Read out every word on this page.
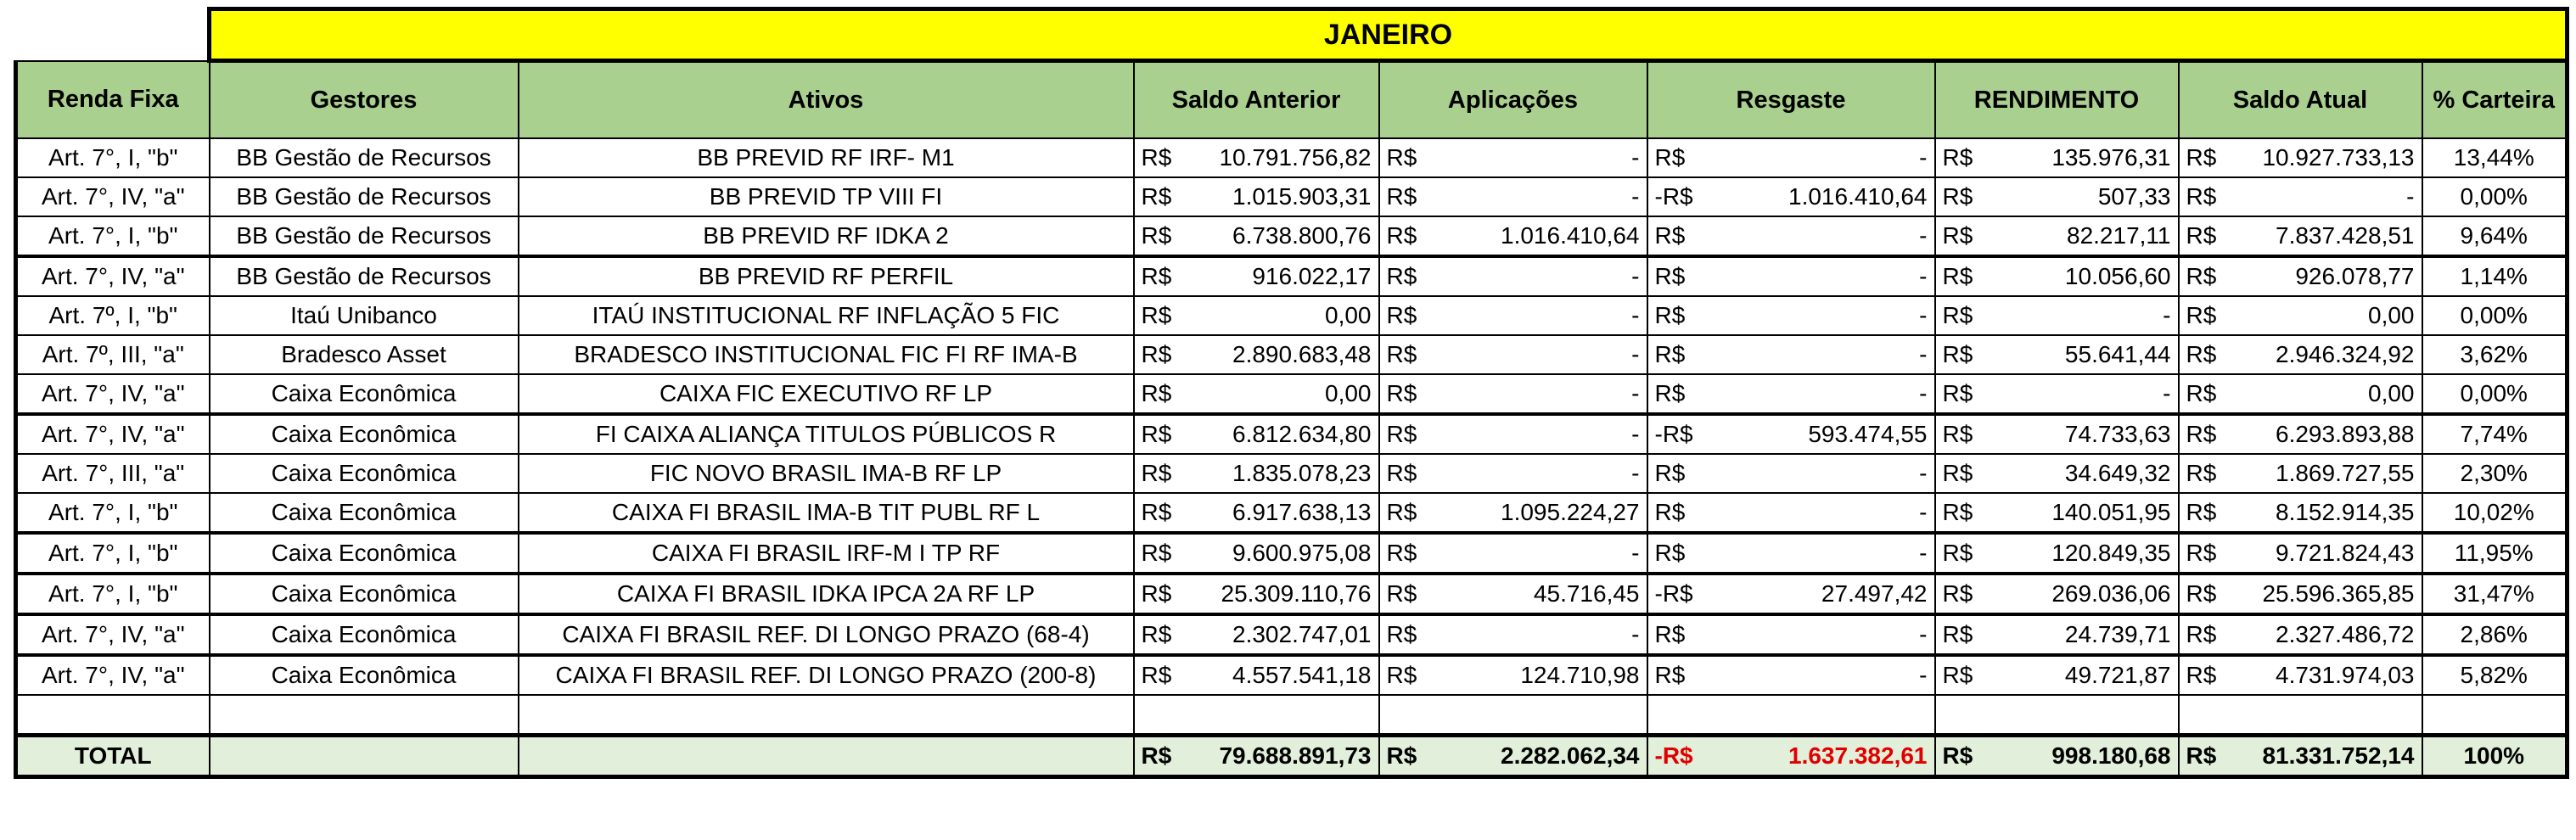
	JANEIRO							
Renda Fixa	Gestores	Ativos	Saldo Anterior	Aplicações	Resgaste	RENDIMENTO	Saldo Atual	% Carteira
Art. 7°, I, "b"	BB Gestão de Recursos	BB PREVID RF IRF- M1	R$ 10.791.756,82	R$ -	R$ -	R$ 135.976,31	R$ 10.927.733,13	13,44%
Art. 7°, IV, "a"	BB Gestão de Recursos	BB PREVID TP VIII FI	R$ 1.015.903,31	R$ -	-R$ 1.016.410,64	R$ 507,33	R$ -	0,00%
Art. 7°, I, "b"	BB Gestão de Recursos	BB PREVID RF IDKA 2	R$ 6.738.800,76	R$ 1.016.410,64	R$ -	R$ 82.217,11	R$ 7.837.428,51	9,64%
Art. 7°, IV, "a"	BB Gestão de Recursos	BB PREVID RF PERFIL	R$ 916.022,17	R$ -	R$ -	R$ 10.056,60	R$ 926.078,77	1,14%
Art. 7º, I, "b"	Itaú Unibanco	ITAÚ INSTITUCIONAL RF INFLAÇÃO 5 FIC	R$ 0,00	R$ -	R$ -	R$ -	R$ 0,00	0,00%
Art. 7º, III, "a"	Bradesco Asset	BRADESCO INSTITUCIONAL FIC FI RF IMA-B	R$ 2.890.683,48	R$ -	R$ -	R$ 55.641,44	R$ 2.946.324,92	3,62%
Art. 7°, IV, "a"	Caixa Econômica	CAIXA FIC EXECUTIVO RF LP	R$ 0,00	R$ -	R$ -	R$ -	R$ 0,00	0,00%
Art. 7°, IV, "a"	Caixa Econômica	FI CAIXA ALIANÇA TITULOS PÚBLICOS R	R$ 6.812.634,80	R$ -	-R$ 593.474,55	R$ 74.733,63	R$ 6.293.893,88	7,74%
Art. 7°, III, "a"	Caixa Econômica	FIC NOVO BRASIL IMA-B RF LP	R$ 1.835.078,23	R$ -	R$ -	R$ 34.649,32	R$ 1.869.727,55	2,30%
Art. 7°, I, "b"	Caixa Econômica	CAIXA FI BRASIL IMA-B TIT PUBL RF L	R$ 6.917.638,13	R$ 1.095.224,27	R$ -	R$ 140.051,95	R$ 8.152.914,35	10,02%
Art. 7°, I, "b"	Caixa Econômica	CAIXA FI BRASIL IRF-M I TP RF	R$ 9.600.975,08	R$ -	R$ -	R$ 120.849,35	R$ 9.721.824,43	11,95%
Art. 7°, I, "b"	Caixa Econômica	CAIXA FI BRASIL IDKA IPCA 2A RF LP	R$ 25.309.110,76	R$ 45.716,45	-R$ 27.497,42	R$ 269.036,06	R$ 25.596.365,85	31,47%
Art. 7°, IV, "a"	Caixa Econômica	CAIXA FI BRASIL REF. DI LONGO PRAZO (68-4)	R$ 2.302.747,01	R$ -	R$ -	R$ 24.739,71	R$ 2.327.486,72	2,86%
Art. 7°, IV, "a"	Caixa Econômica	CAIXA FI BRASIL REF. DI LONGO PRAZO (200-8)	R$ 4.557.541,18	R$ 124.710,98	R$ -	R$ 49.721,87	R$ 4.731.974,03	5,82%

TOTAL			R$ 79.688.891,73	R$ 2.282.062,34	-R$ 1.637.382,61	R$ 998.180,68	R$ 81.331.752,14	100%
